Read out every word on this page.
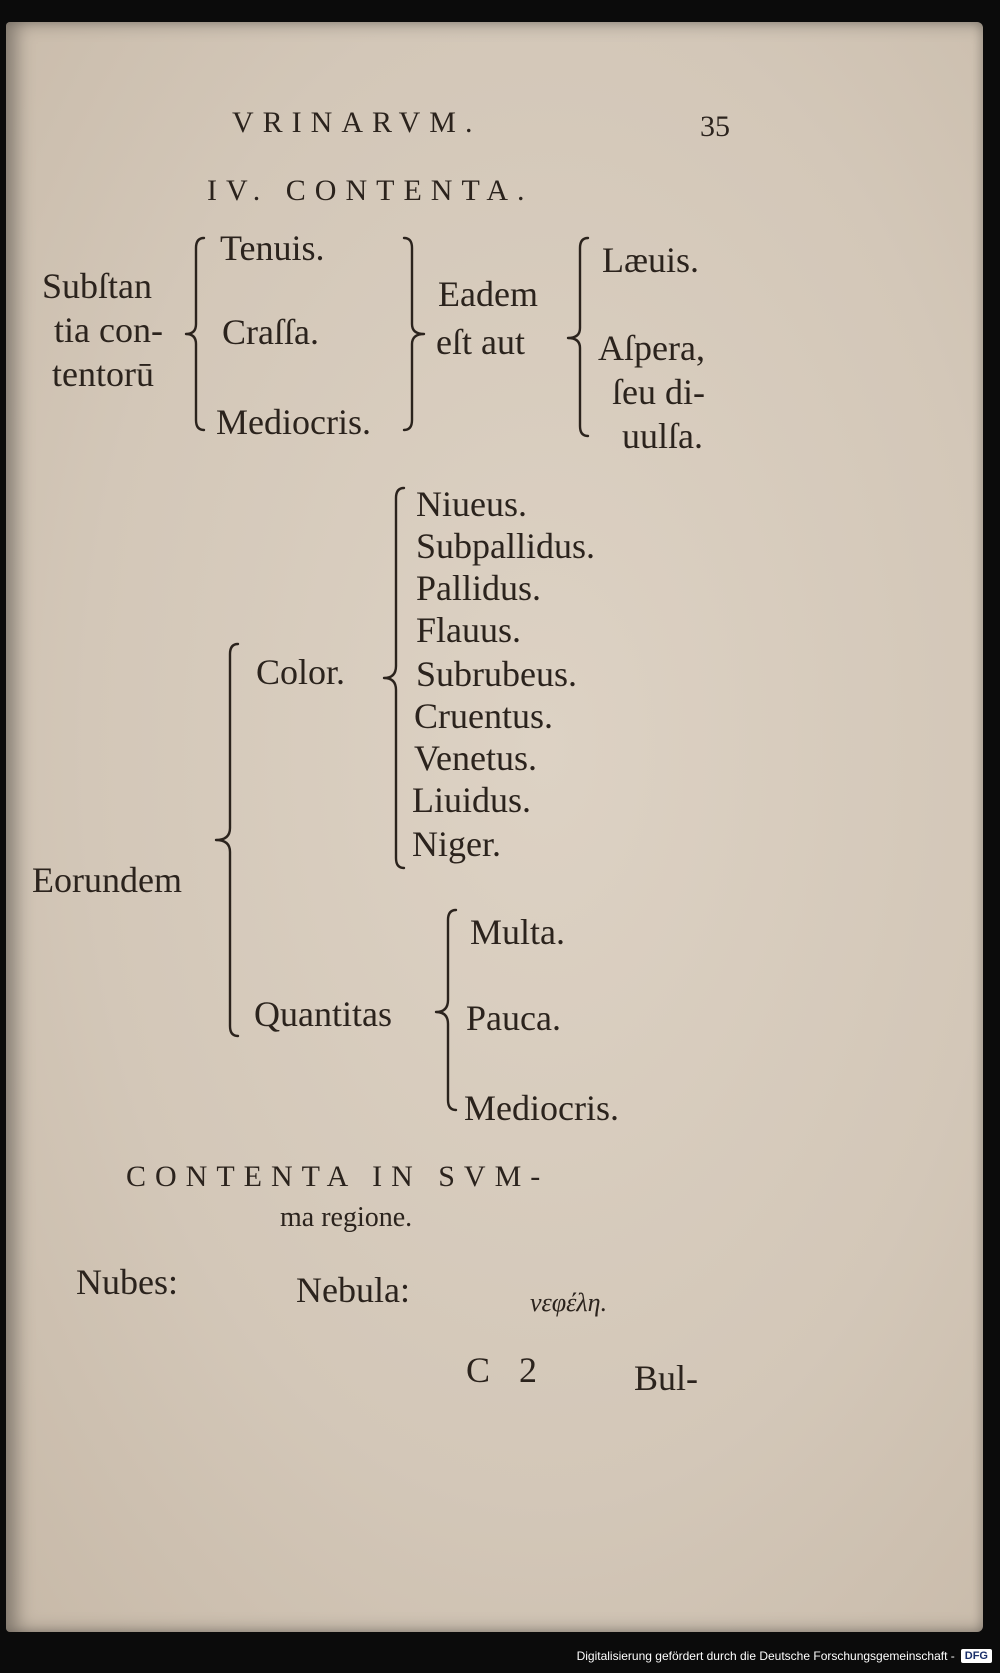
VRINARVM.	35
IV. CONTENTA.
Subſtan
tia con-
tentorū
Tenuis.
Craſſa.
Mediocris.
Eadem
eſt aut
Læuis.
Aſpera,
ſeu di-
uulſa.
Eorundem
Color.
Niueus.
Subpallidus.
Pallidus.
Flauus.
Subrubeus.
Cruentus.
Venetus.
Liuidus.
Niger.
Quantitas
Multa.
Pauca.
Mediocris.
CONTENTA IN SVM-
ma regione.
Nubes:	Nebula:	νεφέλη.
C 2 Bul-
Digitalisierung gefördert durch die Deutsche Forschungsgemeinschaft - DFG
